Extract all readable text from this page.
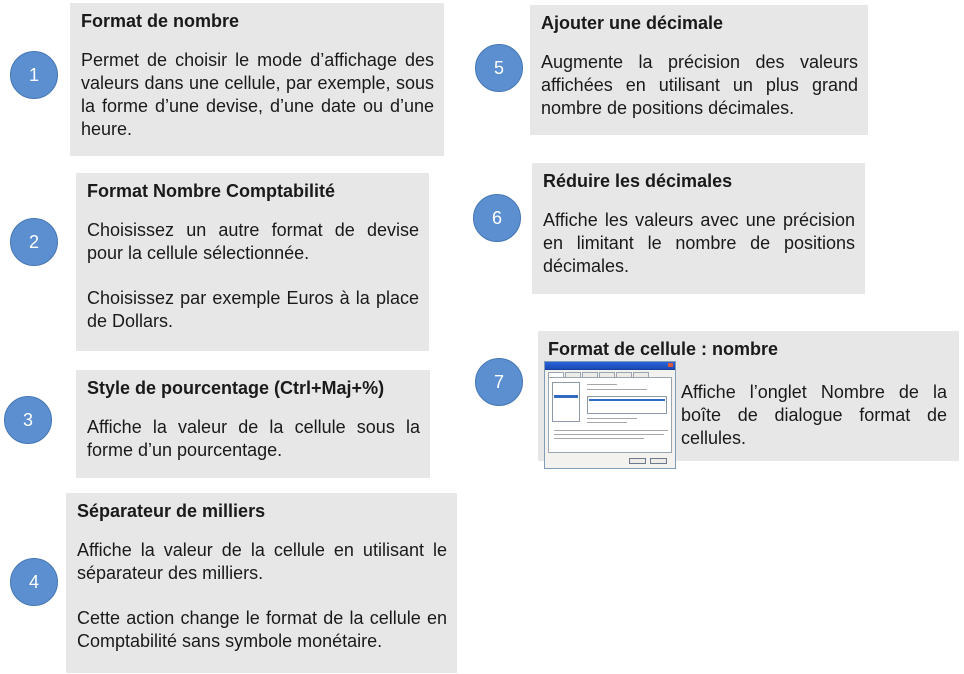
1
2
3
4
5
6
7
Format de nombre

Permet de choisir le mode d’affichage des valeurs dans une cellule, par exemple, sous la forme d’une devise, d’une date ou d’une heure.

Format Nombre Comptabilité

Choisissez un autre format de devise pour la cellule sélectionnée.

Choisissez par exemple Euros à la place de Dollars.

Style de pourcentage (Ctrl+Maj+%)

Affiche la valeur de la cellule sous la forme d’un pourcentage.

Séparateur de milliers

Affiche la valeur de la cellule en utilisant le séparateur des milliers.

Cette action change le format de la cellule en Comptabilité sans symbole monétaire.

Ajouter une décimale

Augmente la précision des valeurs affichées en utilisant un plus grand nombre de positions décimales.

Réduire les décimales

Affiche les valeurs avec une précision en limitant le nombre de positions décimales.

Format de cellule : nombre

Affiche l’onglet Nombre de la boîte de dialogue format de cellules.
